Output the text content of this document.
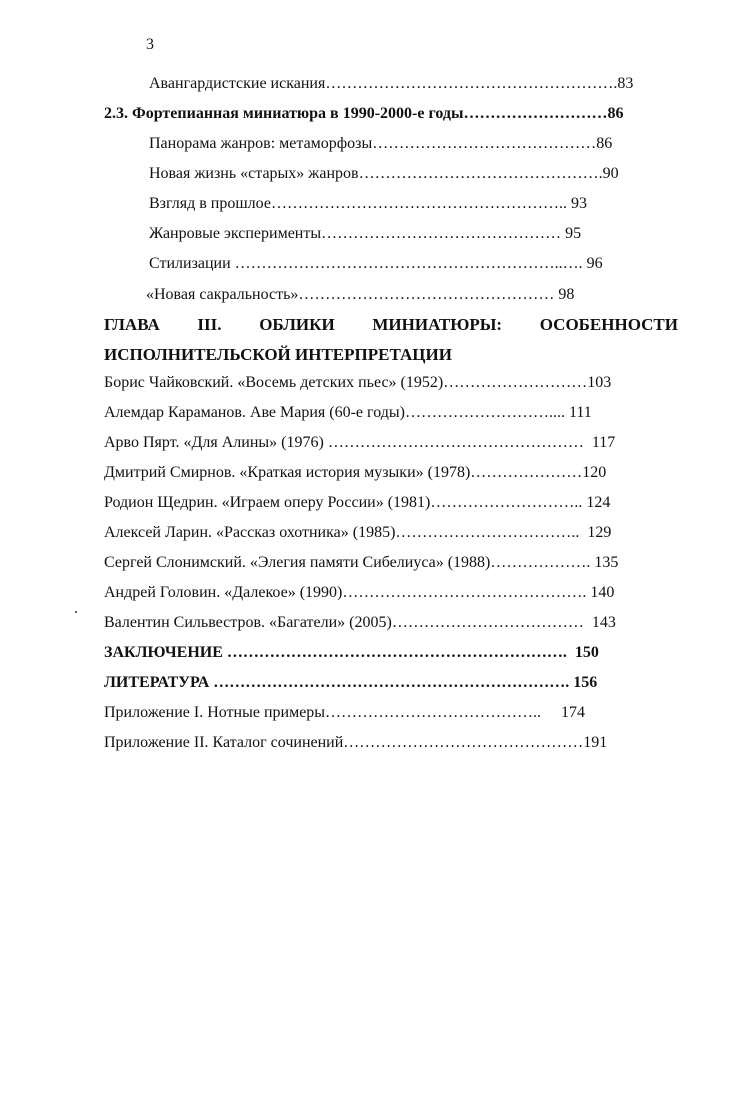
3
Авангардистские искания……………………………………………….83
2.3. Фортепианная миниатюра в 1990-2000-е годы………………………86
Панорама жанров: метаморфозы……………………………………86
Новая жизнь «старых» жанров……………………………………….90
Взгляд в прошлое……………………………………………….. 93
Жанровые эксперименты……………………………………… 95
Стилизации ……………………………………………………..…. 96
«Новая сакральность»………………………………………… 98
ГЛАВА III. ОБЛИКИ МИНИАТЮРЫ: ОСОБЕННОСТИ
ИСПОЛНИТЕЛЬСКОЙ ИНТЕРПРЕТАЦИИ
Борис Чайковский. «Восемь детских пьес» (1952)………………………103
Алемдар Караманов. Аве Мария (60-е годы)……………………….... 111
Арво Пярт. «Для Алины» (1976) …………………………………………  117
Дмитрий Смирнов. «Краткая история музыки» (1978)…………………120
Родион Щедрин. «Играем оперу России» (1981)……………………….. 124
Алексей Ларин. «Рассказ охотника» (1985)……………………………..  129
Сергей Слонимский. «Элегия памяти Сибелиуса» (1988)………………. 135
Андрей Головин. «Далекое» (1990)………………………………………. 140
Валентин Сильвестров. «Багатели» (2005)………………………………  143
ЗАКЛЮЧЕНИЕ ……………………………………………………….  150
ЛИТЕРАТУРА …………………………………………………………. 156
Приложение I. Нотные примеры…………………………………..     174
Приложение II. Каталог сочинений………………………………………191
